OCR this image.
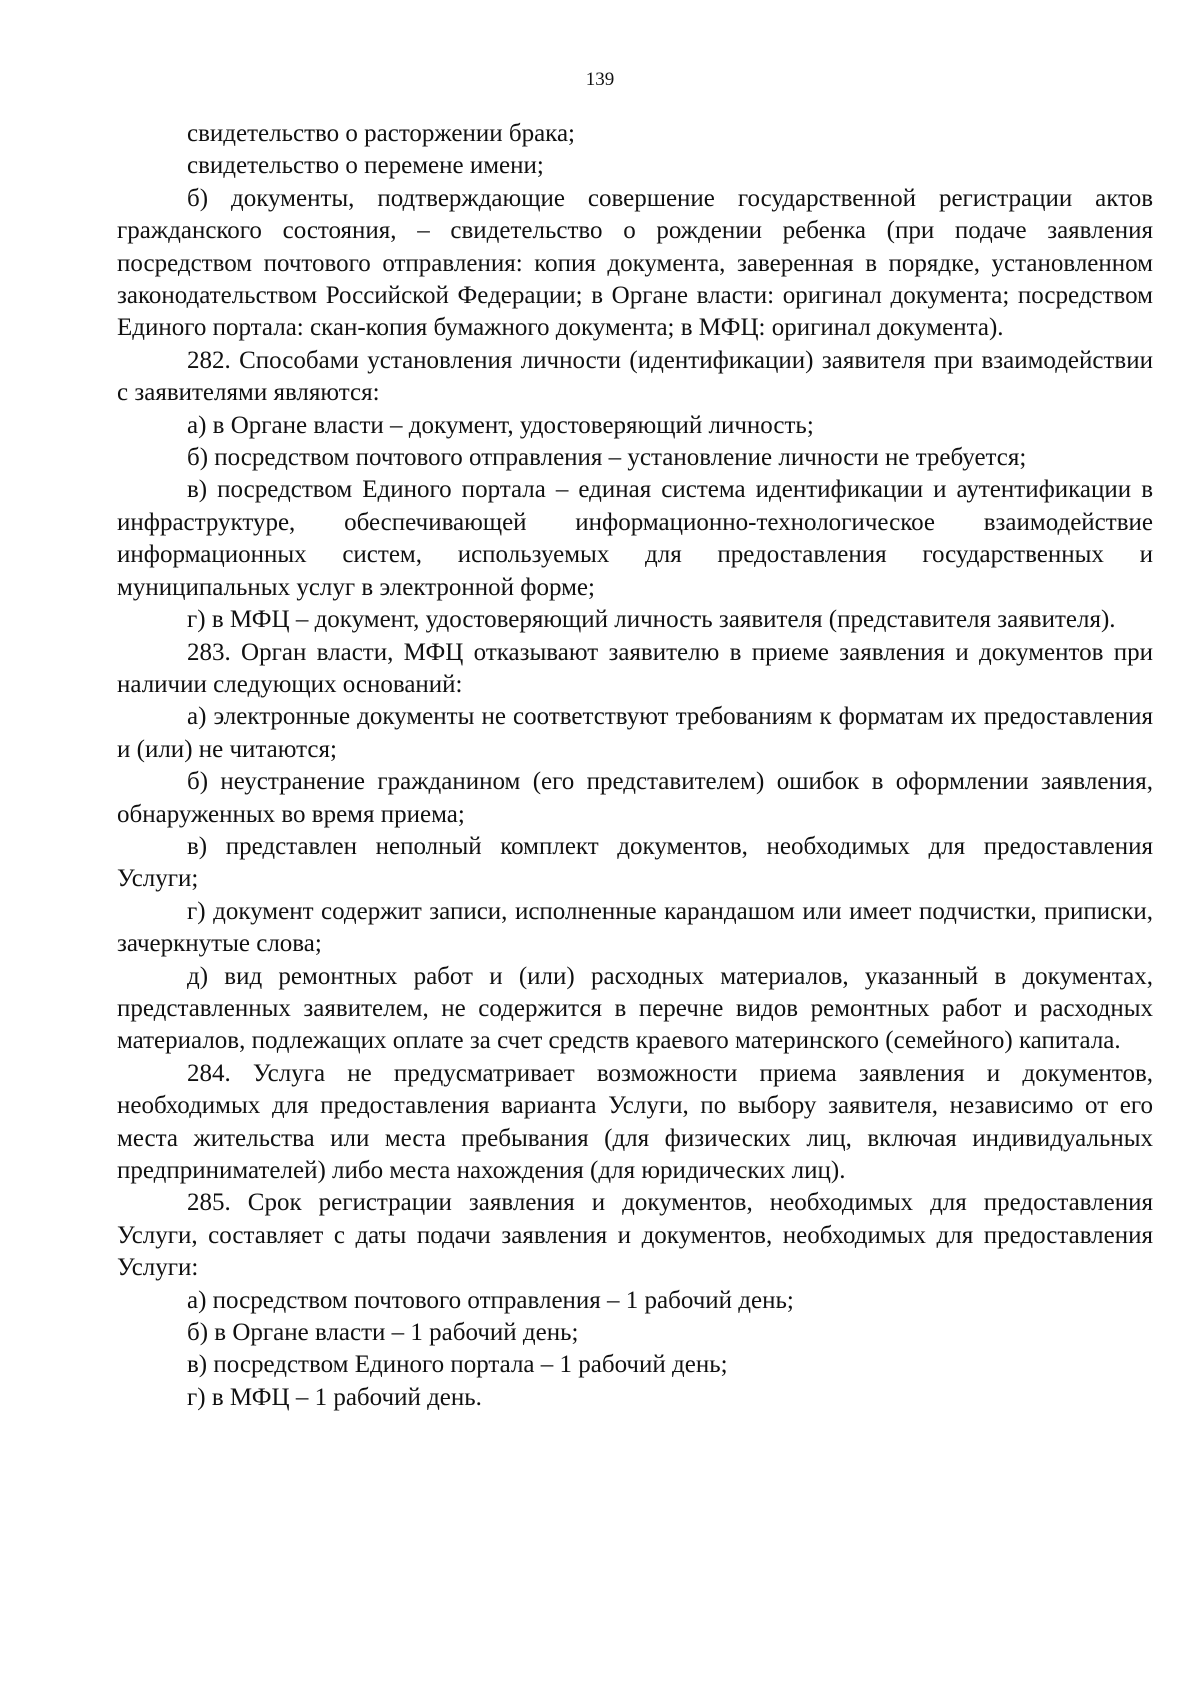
139

свидетельство о расторжении брака;

свидетельство о перемене имени;

б) документы, подтверждающие совершение государственной регистрации актов гражданского состояния, – свидетельство о рождении ребенка (при подаче заявления посредством почтового отправления: копия документа, заверенная в порядке, установленном законодательством Российской Федерации; в Органе власти: оригинал документа; посредством Единого портала: скан-копия бумажного документа; в МФЦ: оригинал документа).

282. Способами установления личности (идентификации) заявителя при взаимодействии с заявителями являются:

а) в Органе власти – документ, удостоверяющий личность;

б) посредством почтового отправления – установление личности не требуется;

в) посредством Единого портала – единая система идентификации и аутентификации в инфраструктуре, обеспечивающей информационно-технологическое взаимодействие информационных систем, используемых для предоставления государственных и муниципальных услуг в электронной форме;

г) в МФЦ – документ, удостоверяющий личность заявителя (представителя заявителя).

283. Орган власти, МФЦ отказывают заявителю в приеме заявления и документов при наличии следующих оснований:

а) электронные документы не соответствуют требованиям к форматам их предоставления и (или) не читаются;

б) неустранение гражданином (его представителем) ошибок в оформлении заявления, обнаруженных во время приема;

в) представлен неполный комплект документов, необходимых для предоставления Услуги;

г) документ содержит записи, исполненные карандашом или имеет подчистки, приписки, зачеркнутые слова;

д) вид ремонтных работ и (или) расходных материалов, указанный в документах, представленных заявителем, не содержится в перечне видов ремонтных работ и расходных материалов, подлежащих оплате за счет средств краевого материнского (семейного) капитала.

284. Услуга не предусматривает возможности приема заявления и документов, необходимых для предоставления варианта Услуги, по выбору заявителя, независимо от его места жительства или места пребывания (для физических лиц, включая индивидуальных предпринимателей) либо места нахождения (для юридических лиц).

285. Срок регистрации заявления и документов, необходимых для предоставления Услуги, составляет с даты подачи заявления и документов, необходимых для предоставления Услуги:

а) посредством почтового отправления – 1 рабочий день;

б) в Органе власти – 1 рабочий день;

в) посредством Единого портала – 1 рабочий день;

г) в МФЦ – 1 рабочий день.
